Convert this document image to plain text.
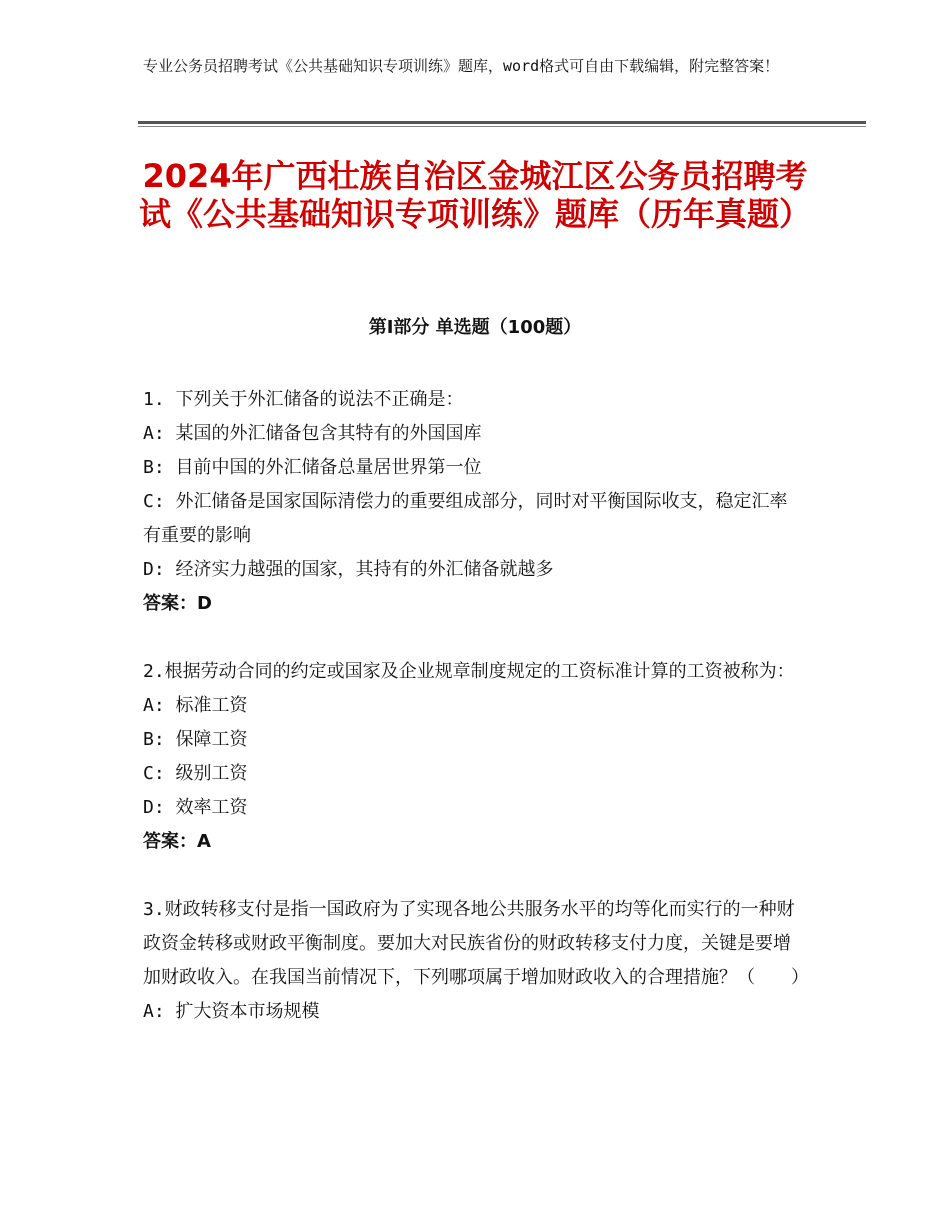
专业公务员招聘考试《公共基础知识专项训练》题库，word格式可自由下载编辑，附完整答案！

2024年广西壮族自治区金城江区公务员招聘考试《公共基础知识专项训练》题库（历年真题）
第Ⅰ部分 单选题（100题）

1. 下列关于外汇储备的说法不正确是：

A: 某国的外汇储备包含其特有的外国国库

B: 目前中国的外汇储备总量居世界第一位

C: 外汇储备是国家国际清偿力的重要组成部分，同时对平衡国际收支，稳定汇率有重要的影响

D: 经济实力越强的国家，其持有的外汇储备就越多

答案：D

2.根据劳动合同的约定或国家及企业规章制度规定的工资标准计算的工资被称为：

A: 标准工资

B: 保障工资

C: 级别工资

D: 效率工资

答案：A

3.财政转移支付是指一国政府为了实现各地公共服务水平的均等化而实行的一种财政资金转移或财政平衡制度。要加大对民族省份的财政转移支付力度，关键是要增加财政收入。在我国当前情况下，下列哪项属于增加财政收入的合理措施？（　　）

A: 扩大资本市场规模
